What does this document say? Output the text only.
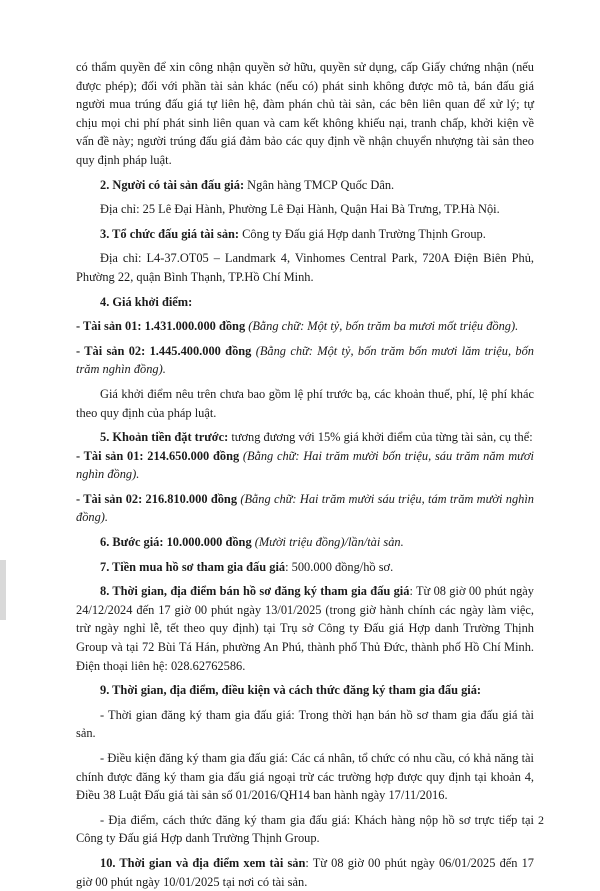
có thẩm quyền để xin công nhận quyền sở hữu, quyền sử dụng, cấp Giấy chứng nhận (nếu được phép); đối với phần tài sản khác (nếu có) phát sinh không được mô tả, bán đấu giá người mua trúng đấu giá tự liên hệ, đàm phán chủ tài sản, các bên liên quan để xử lý; tự chịu mọi chi phí phát sinh liên quan và cam kết không khiếu nại, tranh chấp, khởi kiện về vấn đề này; người trúng đấu giá đảm bảo các quy định về nhận chuyển nhượng tài sản theo quy định pháp luật.

2. Người có tài sản đấu giá: Ngân hàng TMCP Quốc Dân.

Địa chỉ: 25 Lê Đại Hành, Phường Lê Đại Hành, Quận Hai Bà Trưng, TP.Hà Nội.

3. Tổ chức đấu giá tài sản: Công ty Đấu giá Hợp danh Trường Thịnh Group.

Địa chỉ: L4-37.OT05 – Landmark 4, Vinhomes Central Park, 720A Điện Biên Phủ, Phường 22, quận Bình Thạnh, TP.Hồ Chí Minh.

4. Giá khởi điểm:

- Tài sản 01: 1.431.000.000 đồng (Bằng chữ: Một tỷ, bốn trăm ba mươi mốt triệu đồng).

- Tài sản 02: 1.445.400.000 đồng (Bằng chữ: Một tỷ, bốn trăm bốn mươi lăm triệu, bốn trăm nghìn đồng).

Giá khởi điểm nêu trên chưa bao gồm lệ phí trước bạ, các khoản thuế, phí, lệ phí khác theo quy định của pháp luật.

5. Khoản tiền đặt trước: tương đương với 15% giá khởi điểm của từng tài sản, cụ thể:

- Tài sản 01: 214.650.000 đồng (Bằng chữ: Hai trăm mười bốn triệu, sáu trăm năm mươi nghìn đồng).

- Tài sản 02: 216.810.000 đồng (Bằng chữ: Hai trăm mười sáu triệu, tám trăm mười nghìn đồng).

6. Bước giá: 10.000.000 đồng (Mười triệu đồng)/lần/tài sản.

7. Tiền mua hồ sơ tham gia đấu giá: 500.000 đồng/hồ sơ.

8. Thời gian, địa điểm bán hồ sơ đăng ký tham gia đấu giá: Từ 08 giờ 00 phút ngày 24/12/2024 đến 17 giờ 00 phút ngày 13/01/2025 (trong giờ hành chính các ngày làm việc, trừ ngày nghỉ lễ, tết theo quy định) tại Trụ sở Công ty Đấu giá Hợp danh Trường Thịnh Group và tại 72 Bùi Tá Hán, phường An Phú, thành phố Thủ Đức, thành phố Hồ Chí Minh. Điện thoại liên hệ: 028.62762586.

9. Thời gian, địa điểm, điều kiện và cách thức đăng ký tham gia đấu giá:

- Thời gian đăng ký tham gia đấu giá: Trong thời hạn bán hồ sơ tham gia đấu giá tài sản.

- Điều kiện đăng ký tham gia đấu giá: Các cá nhân, tổ chức có nhu cầu, có khả năng tài chính được đăng ký tham gia đấu giá ngoại trừ các trường hợp được quy định tại khoản 4, Điều 38 Luật Đấu giá tài sản số 01/2016/QH14 ban hành ngày 17/11/2016.

- Địa điểm, cách thức đăng ký tham gia đấu giá: Khách hàng nộp hồ sơ trực tiếp tại Công ty Đấu giá Hợp danh Trường Thịnh Group.

10. Thời gian và địa điểm xem tài sản: Từ 08 giờ 00 phút ngày 06/01/2025 đến 17 giờ 00 phút ngày 10/01/2025 tại nơi có tài sản.

2
